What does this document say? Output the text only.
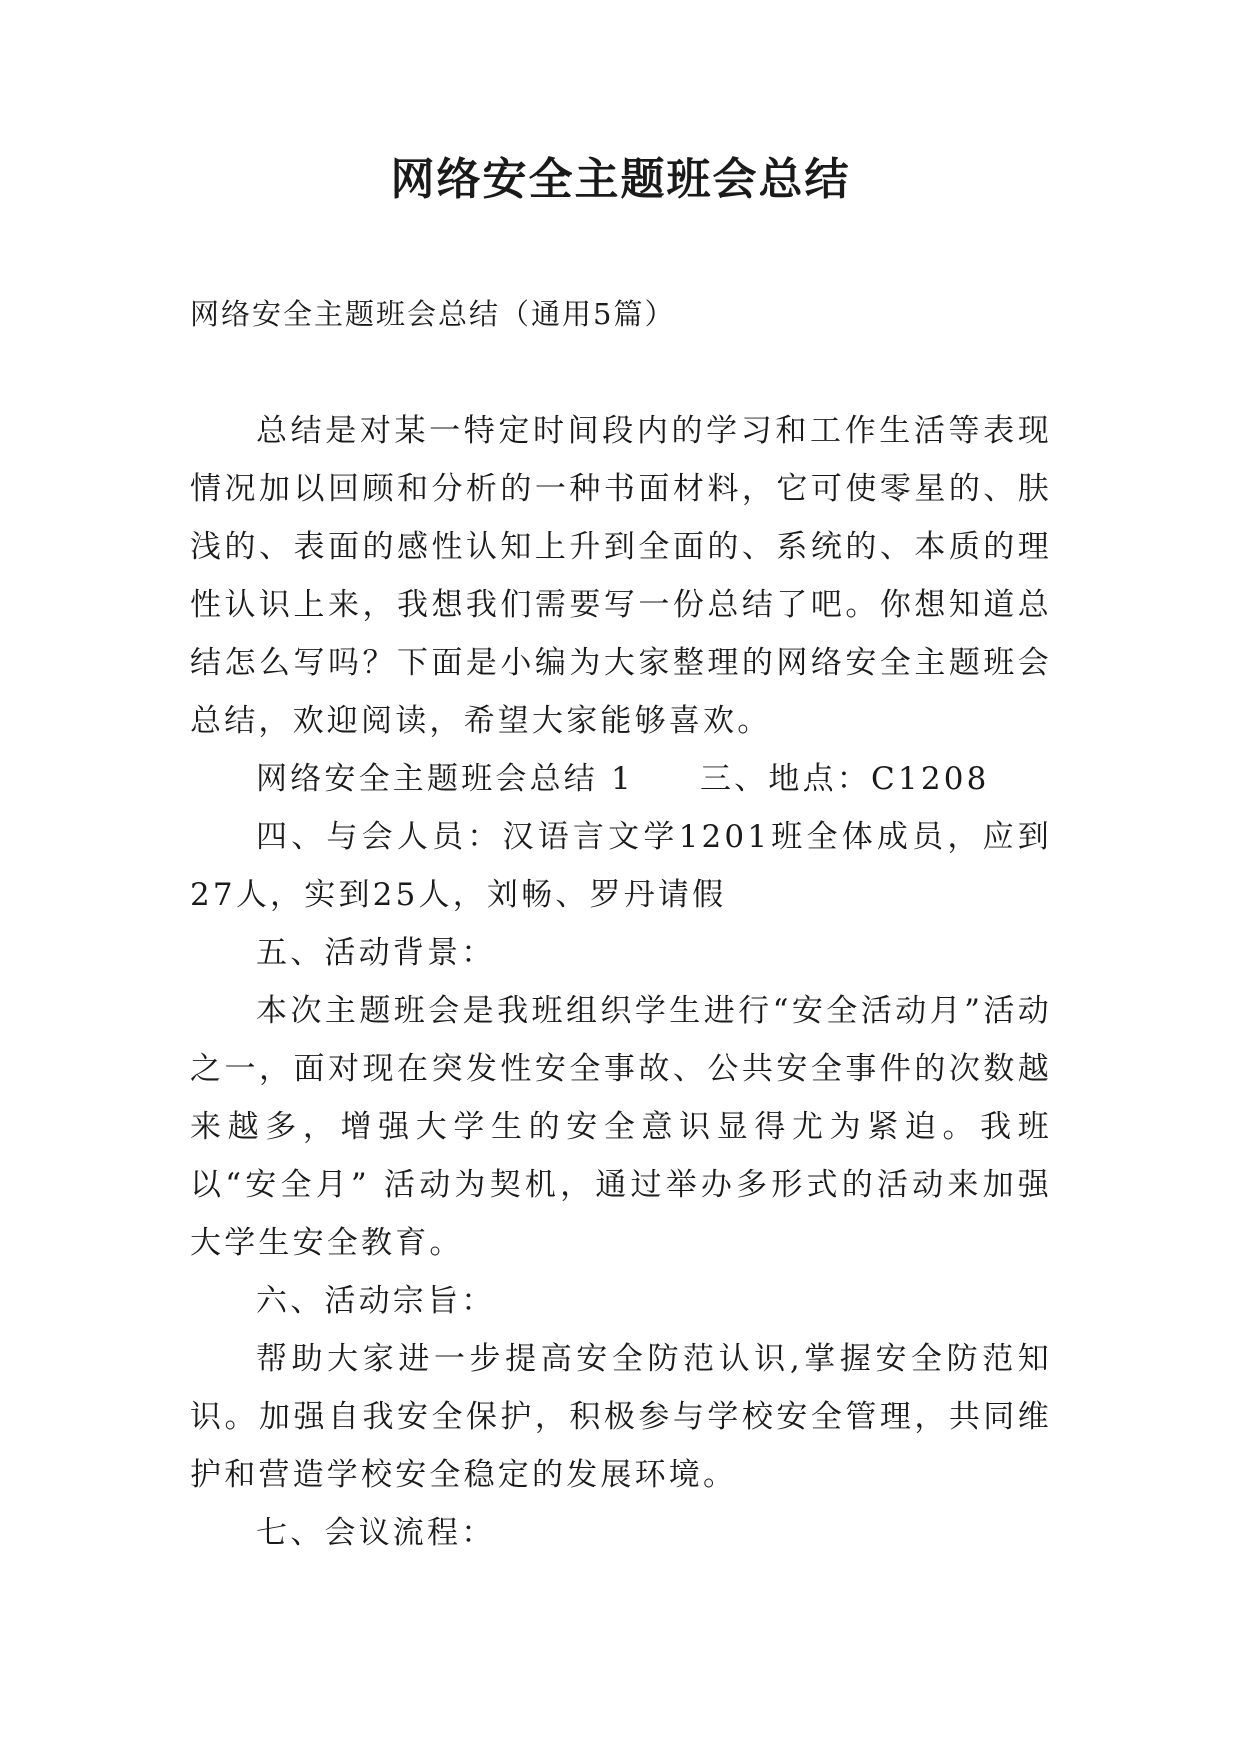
网络安全主题班会总结
网络安全主题班会总结（通用5篇）

总结是对某一特定时间段内的学习和工作生活等表现情况加以回顾和分析的一种书面材料，它可使零星的、肤浅的、表面的感性认知上升到全面的、系统的、本质的理性认识上来，我想我们需要写一份总结了吧。你想知道总结怎么写吗？下面是小编为大家整理的网络安全主题班会总结，欢迎阅读，希望大家能够喜欢。

网络安全主题班会总结 1 三、地点：C1208

四、与会人员：汉语言文学1201班全体成员，应到27人，实到25人，刘畅、罗丹请假

五、活动背景：

本次主题班会是我班组织学生进行“安全活动月”活动之一，面对现在突发性安全事故、公共安全事件的次数越来越多，增强大学生的安全意识显得尤为紧迫。我班以“安全月” 活动为契机，通过举办多形式的活动来加强大学生安全教育。

六、活动宗旨：

帮助大家进一步提高安全防范认识,掌握安全防范知识。加强自我安全保护，积极参与学校安全管理，共同维护和营造学校安全稳定的发展环境。

七、会议流程：
